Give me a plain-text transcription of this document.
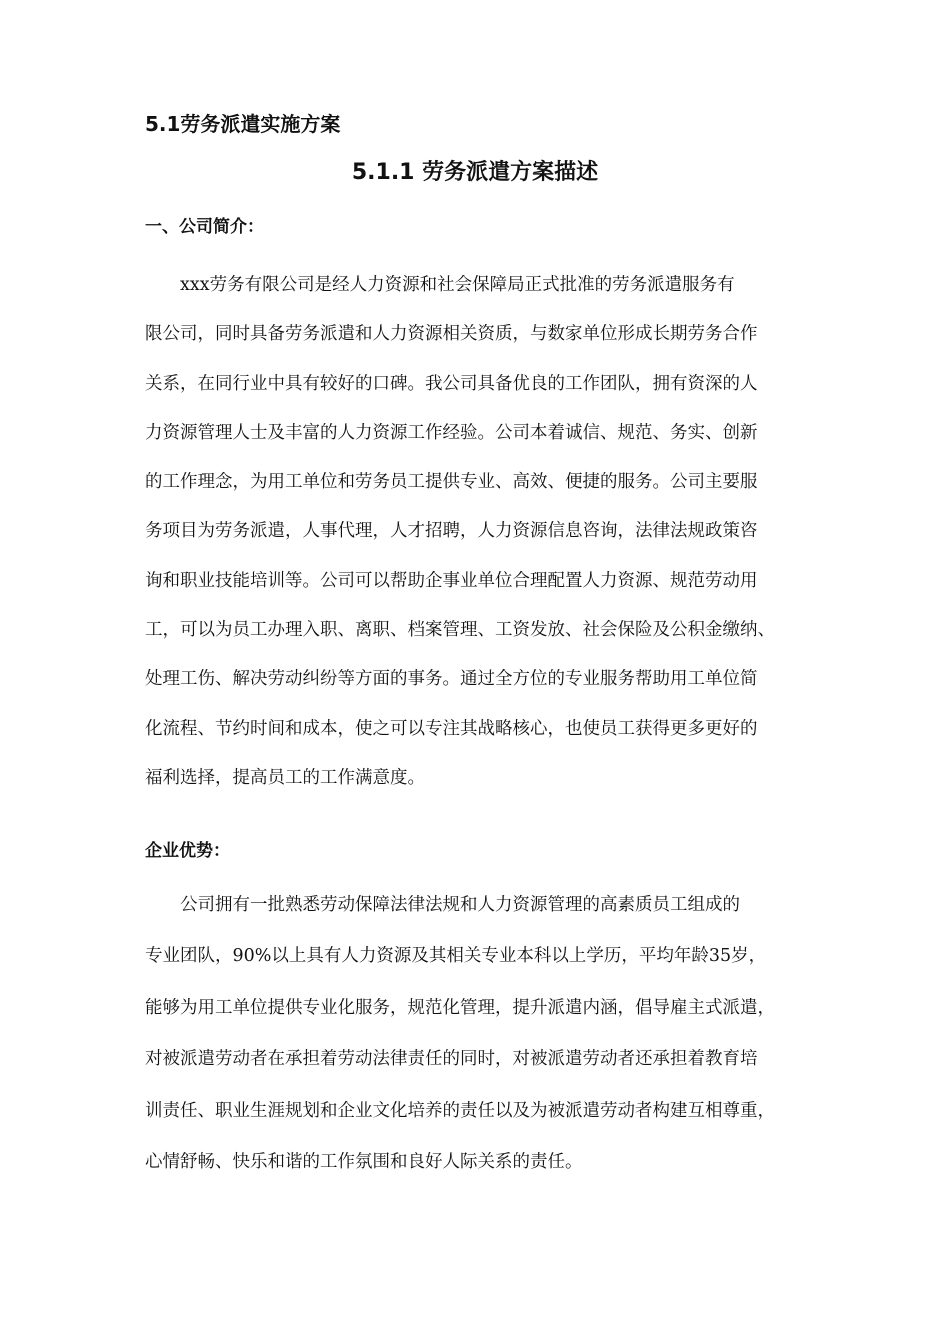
5.1劳务派遣实施方案
5.1.1 劳务派遣方案描述
一、公司简介：
　　xxx劳务有限公司是经人力资源和社会保障局正式批准的劳务派遣服务有
限公司，同时具备劳务派遣和人力资源相关资质，与数家单位形成长期劳务合作
关系，在同行业中具有较好的口碑。我公司具备优良的工作团队，拥有资深的人
力资源管理人士及丰富的人力资源工作经验。公司本着诚信、规范、务实、创新
的工作理念，为用工单位和劳务员工提供专业、高效、便捷的服务。公司主要服
务项目为劳务派遣，人事代理，人才招聘，人力资源信息咨询，法律法规政策咨
询和职业技能培训等。公司可以帮助企事业单位合理配置人力资源、规范劳动用
工，可以为员工办理入职、离职、档案管理、工资发放、社会保险及公积金缴纳、
处理工伤、解决劳动纠纷等方面的事务。通过全方位的专业服务帮助用工单位简
化流程、节约时间和成本，使之可以专注其战略核心，也使员工获得更多更好的
福利选择，提高员工的工作满意度。
企业优势：
　　公司拥有一批熟悉劳动保障法律法规和人力资源管理的高素质员工组成的
专业团队，90%以上具有人力资源及其相关专业本科以上学历，平均年龄35岁，
能够为用工单位提供专业化服务，规范化管理，提升派遣内涵，倡导雇主式派遣，
对被派遣劳动者在承担着劳动法律责任的同时，对被派遣劳动者还承担着教育培
训责任、职业生涯规划和企业文化培养的责任以及为被派遣劳动者构建互相尊重，
心情舒畅、快乐和谐的工作氛围和良好人际关系的责任。
